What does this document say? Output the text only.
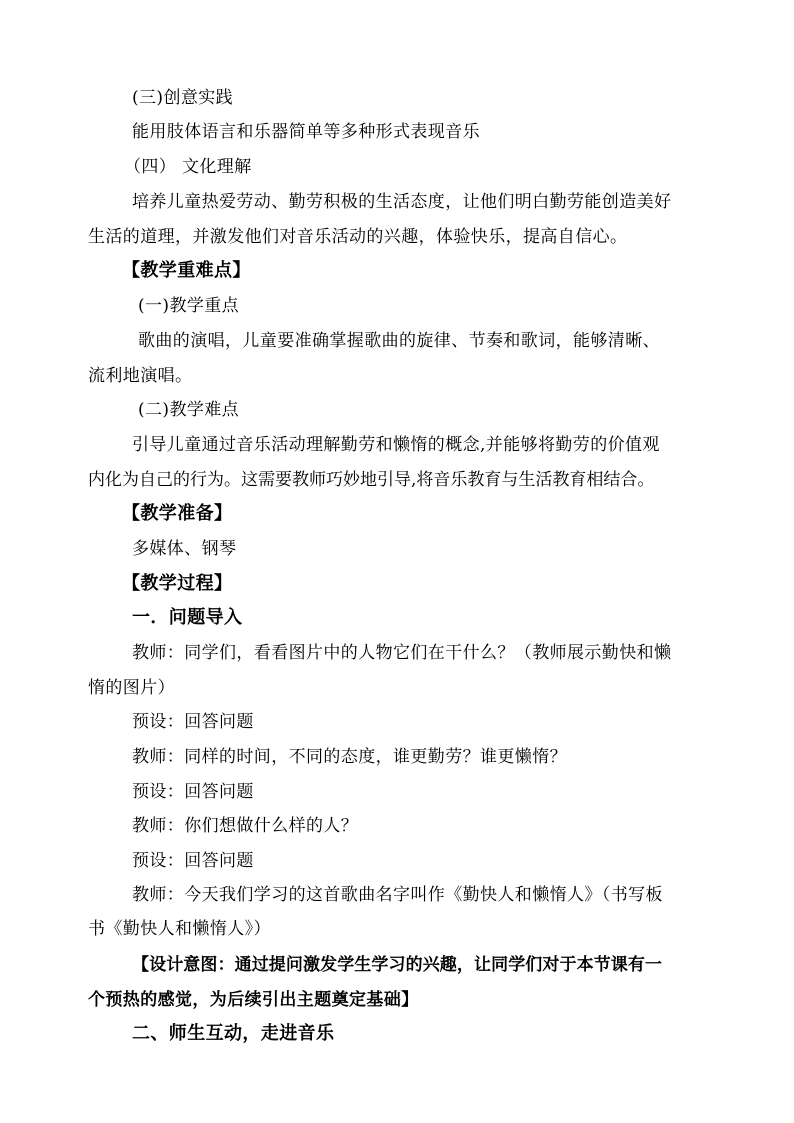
(三)创意实践
能用肢体语言和乐器简单等多种形式表现音乐
（四） 文化理解
培养儿童热爱劳动、勤劳积极的生活态度，让他们明白勤劳能创造美好
生活的道理，并激发他们对音乐活动的兴趣，体验快乐，提高自信心。
【教学重难点】
(一)教学重点
歌曲的演唱，儿童要准确掌握歌曲的旋律、节奏和歌词，能够清晰、
流利地演唱。
(二)教学难点
引导儿童通过音乐活动理解勤劳和懒惰的概念,并能够将勤劳的价值观
内化为自己的行为。这需要教师巧妙地引导,将音乐教育与生活教育相结合。
【教学准备】
多媒体、钢琴
【教学过程】
一．问题导入
教师：同学们，看看图片中的人物它们在干什么？（教师展示勤快和懒
惰的图片）
预设：回答问题
教师：同样的时间，不同的态度，谁更勤劳？谁更懒惰？
预设：回答问题
教师：你们想做什么样的人？
预设：回答问题
教师：今天我们学习的这首歌曲名字叫作《勤快人和懒惰人》（书写板
书《勤快人和懒惰人》）
【设计意图：通过提问激发学生学习的兴趣，让同学们对于本节课有一
个预热的感觉，为后续引出主题奠定基础】
二、师生互动，走进音乐
